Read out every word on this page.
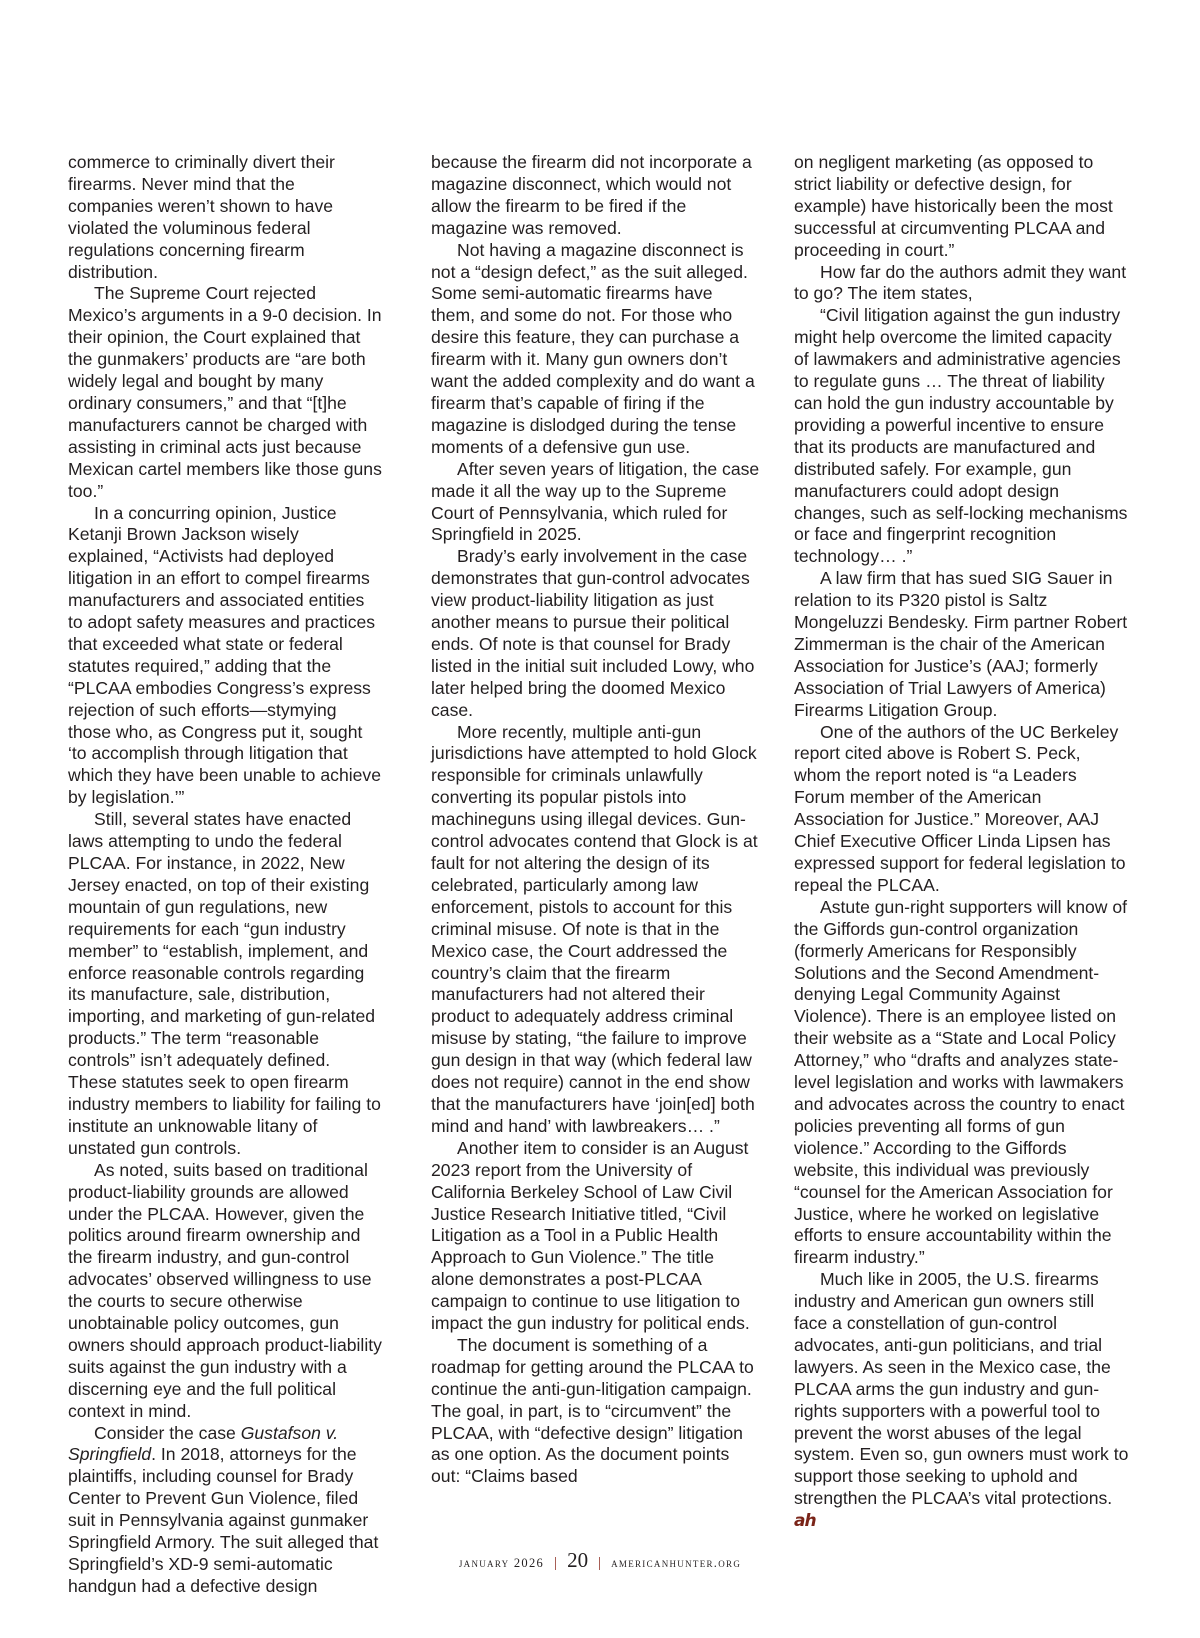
commerce to criminally divert their firearms. Never mind that the companies weren’t shown to have violated the voluminous federal regulations concerning firearm distribution.

The Supreme Court rejected Mexico’s arguments in a 9-0 decision. In their opinion, the Court explained that the gunmakers’ products are “are both widely legal and bought by many ordinary consumers,” and that “[t]he manufacturers cannot be charged with assisting in criminal acts just because Mexican cartel members like those guns too.”

In a concurring opinion, Justice Ketanji Brown Jackson wisely explained, “Activists had deployed litigation in an effort to compel firearms manufacturers and associated entities to adopt safety measures and practices that exceeded what state or federal statutes required,” adding that the “PLCAA embodies Congress’s express rejection of such efforts—stymying those who, as Congress put it, sought ‘to accomplish through litigation that which they have been unable to achieve by legislation.’”

Still, several states have enacted laws attempting to undo the federal PLCAA. For instance, in 2022, New Jersey enacted, on top of their existing mountain of gun regulations, new requirements for each “gun industry member” to “establish, implement, and enforce reasonable controls regarding its manufacture, sale, distribution, importing, and marketing of gun-related products.” The term “reasonable controls” isn’t adequately defined. These statutes seek to open firearm industry members to liability for failing to institute an unknowable litany of unstated gun controls.

As noted, suits based on traditional product-liability grounds are allowed under the PLCAA. However, given the politics around firearm ownership and the firearm industry, and gun-control advocates’ observed willingness to use the courts to secure otherwise unobtainable policy outcomes, gun owners should approach product-liability suits against the gun industry with a discerning eye and the full political context in mind.

Consider the case Gustafson v. Springfield. In 2018, attorneys for the plaintiffs, including counsel for Brady Center to Prevent Gun Violence, filed suit in Pennsylvania against gunmaker Springfield Armory. The suit alleged that Springfield’s XD-9 semi-automatic handgun had a defective design

because the firearm did not incorporate a magazine disconnect, which would not allow the firearm to be fired if the magazine was removed.

Not having a magazine disconnect is not a “design defect,” as the suit alleged. Some semi-automatic firearms have them, and some do not. For those who desire this feature, they can purchase a firearm with it. Many gun owners don’t want the added complexity and do want a firearm that’s capable of firing if the magazine is dislodged during the tense moments of a defensive gun use.

After seven years of litigation, the case made it all the way up to the Supreme Court of Pennsylvania, which ruled for Springfield in 2025.

Brady’s early involvement in the case demonstrates that gun-control advocates view product-liability litigation as just another means to pursue their political ends. Of note is that counsel for Brady listed in the initial suit included Lowy, who later helped bring the doomed Mexico case.

More recently, multiple anti-gun jurisdictions have attempted to hold Glock responsible for criminals unlawfully converting its popular pistols into machineguns using illegal devices. Gun-control advocates contend that Glock is at fault for not altering the design of its celebrated, particularly among law enforcement, pistols to account for this criminal misuse. Of note is that in the Mexico case, the Court addressed the country’s claim that the firearm manufacturers had not altered their product to adequately address criminal misuse by stating, “the failure to improve gun design in that way (which federal law does not require) cannot in the end show that the manufacturers have ‘join[ed] both mind and hand’ with lawbreakers… .”

Another item to consider is an August 2023 report from the University of California Berkeley School of Law Civil Justice Research Initiative titled, “Civil Litigation as a Tool in a Public Health Approach to Gun Violence.” The title alone demonstrates a post-PLCAA campaign to continue to use litigation to impact the gun industry for political ends.

The document is something of a roadmap for getting around the PLCAA to continue the anti-gun-litigation campaign. The goal, in part, is to “circumvent” the PLCAA, with “defective design” litigation as one option. As the document points out: “Claims based

on negligent marketing (as opposed to strict liability or defective design, for example) have historically been the most successful at circumventing PLCAA and proceeding in court.”

How far do the authors admit they want to go? The item states,

“Civil litigation against the gun industry might help overcome the limited capacity of lawmakers and administrative agencies to regulate guns … The threat of liability can hold the gun industry accountable by providing a powerful incentive to ensure that its products are manufactured and distributed safely. For example, gun manufacturers could adopt design changes, such as self-locking mechanisms or face and fingerprint recognition technology… .”

A law firm that has sued SIG Sauer in relation to its P320 pistol is Saltz Mongeluzzi Bendesky. Firm partner Robert Zimmerman is the chair of the American Association for Justice’s (AAJ; formerly Association of Trial Lawyers of America) Firearms Litigation Group.

One of the authors of the UC Berkeley report cited above is Robert S. Peck, whom the report noted is “a Leaders Forum member of the American Association for Justice.” Moreover, AAJ Chief Executive Officer Linda Lipsen has expressed support for federal legislation to repeal the PLCAA.

Astute gun-right supporters will know of the Giffords gun-control organization (formerly Americans for Responsibly Solutions and the Second Amendment-denying Legal Community Against Violence). There is an employee listed on their website as a “State and Local Policy Attorney,” who “drafts and analyzes state-level legislation and works with lawmakers and advocates across the country to enact policies preventing all forms of gun violence.” According to the Giffords website, this individual was previously “counsel for the American Association for Justice, where he worked on legislative efforts to ensure accountability within the firearm industry.”

Much like in 2005, the U.S. firearms industry and American gun owners still face a constellation of gun-control advocates, anti-gun politicians, and trial lawyers. As seen in the Mexico case, the PLCAA arms the gun industry and gun-rights supporters with a powerful tool to prevent the worst abuses of the legal system. Even so, gun owners must work to support those seeking to uphold and strengthen the PLCAA’s vital protections. ah

january 2026 | 20 | americanhunter.org
